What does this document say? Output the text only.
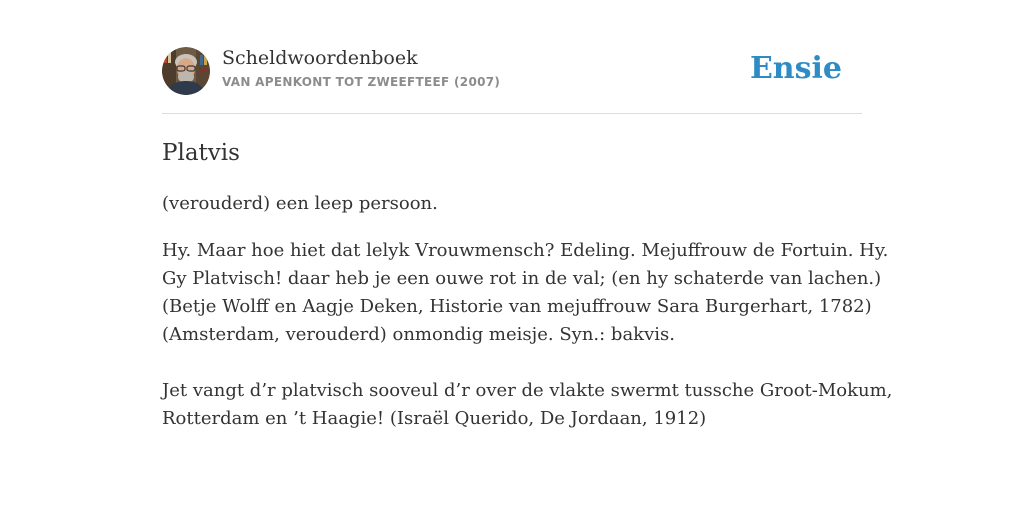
Scheldwoordenboek
VAN APENKONT TOT ZWEEFTEEF (2007)	Ensie
Platvis

(verouderd) een leep persoon.

Hy. Maar hoe hiet dat lelyk Vrouwmensch? Edeling. Mejuffrouw de Fortuin. Hy.
Gy Platvisch! daar heb je een ouwe rot in de val; (en hy schaterde van lachen.)
(Betje Wolff en Aagje Deken, Historie van mejuffrouw Sara Burgerhart, 1782)
(Amsterdam, verouderd) onmondig meisje. Syn.: bakvis.
Jet vangt d’r platvisch sooveul d’r over de vlakte swermt tussche Groot-Mokum,
Rotterdam en ’t Haagie! (Israël Querido, De Jordaan, 1912)
